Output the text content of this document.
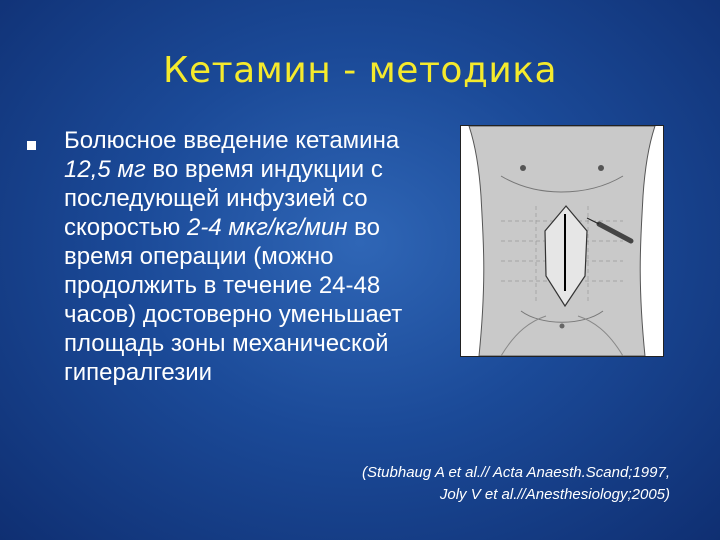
Кетамин - методика
Болюсное введение кетамина 12,5 мг во время индукции с последующей инфузией со скоростью 2-4 мкг/кг/мин во время операции (можно продолжить в течение 24-48 часов) достоверно уменьшает площадь зоны механической гипералгезии
(Stubhaug A et al.// Acta Anaesth.Scand;1997,
Joly V et al.//Anesthesiology;2005)
